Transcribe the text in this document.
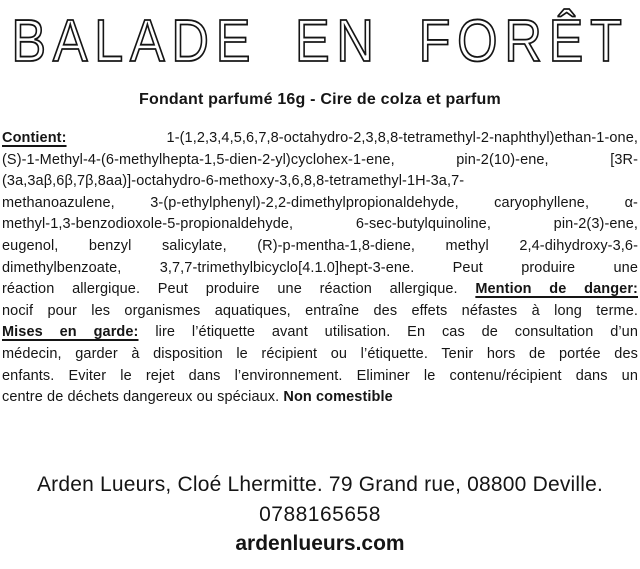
BALADE EN FORÊT
Fondant parfumé 16g - Cire de colza et parfum
Contient: 1-(1,2,3,4,5,6,7,8-octahydro-2,3,8,8-tetramethyl-2-naphthyl)ethan-1-one,
(S)-1-Methyl-4-(6-methylhepta-1,5-dien-2-yl)cyclohex-1-ene, pin-2(10)-ene, [3R-
(3a,3aβ,6β,7β,8aa)]-octahydro-6-methoxy-3,6,8,8-tetramethyl-1H-3a,7-
methanoazulene, 3-(p-ethylphenyl)-2,2-dimethylpropionaldehyde, caryophyllene, α-
methyl-1,3-benzodioxole-5-propionaldehyde, 6-sec-butylquinoline, pin-2(3)-ene,
eugenol, benzyl salicylate, (R)-p-mentha-1,8-diene, methyl 2,4-dihydroxy-3,6-
dimethylbenzoate, 3,7,7-trimethylbicyclo[4.1.0]hept-3-ene. Peut produire une
réaction allergique. Peut produire une réaction allergique. Mention de danger:
nocif pour les organismes aquatiques, entraîne des effets néfastes à long terme.
Mises en garde: lire l’étiquette avant utilisation. En cas de consultation d’un
médecin, garder à disposition le récipient ou l’étiquette. Tenir hors de portée des
enfants. Eviter le rejet dans l’environnement. Eliminer le contenu/récipient dans un
centre de déchets dangereux ou spéciaux. Non comestible
Arden Lueurs, Cloé Lhermitte. 79 Grand rue, 08800 Deville.
0788165658
ardenlueurs.com
